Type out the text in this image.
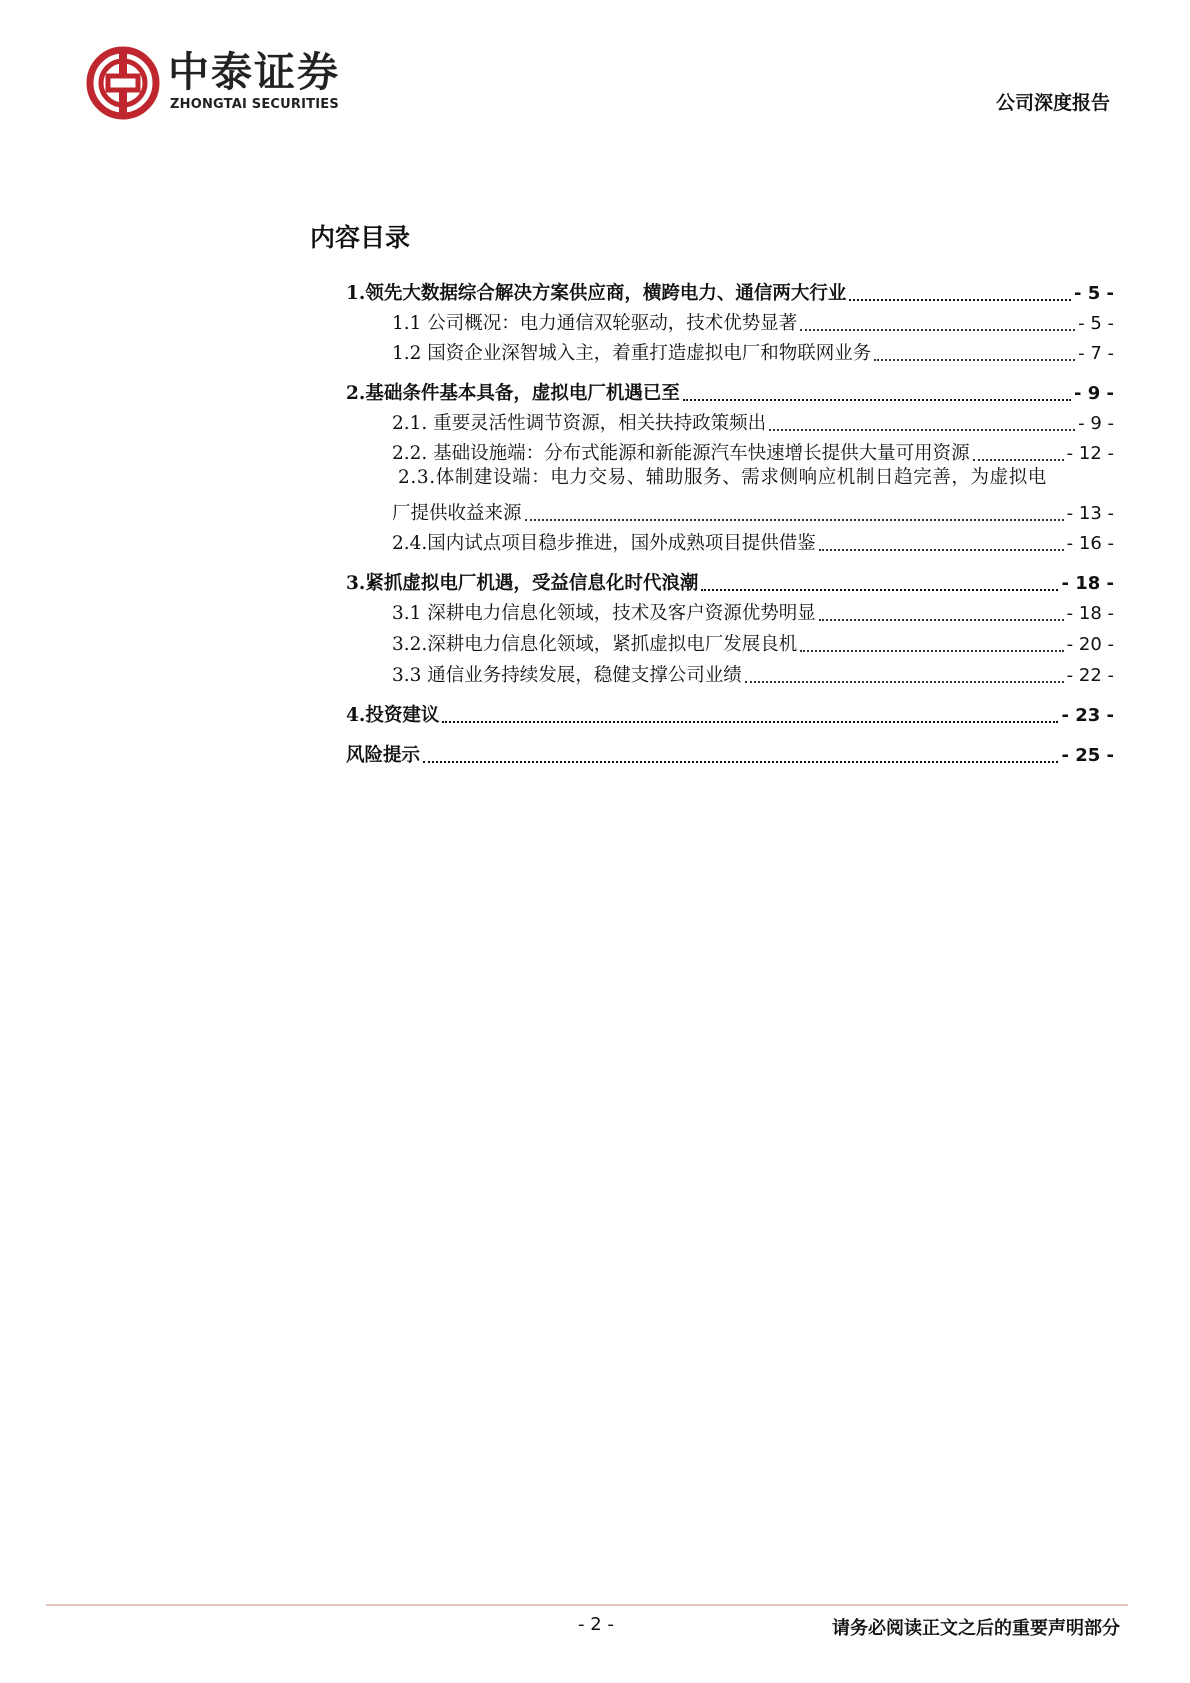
中泰证券
ZHONGTAI SECURITIES	公司深度报告
内容目录
1.领先大数据综合解决方案供应商，横跨电力、通信两大行业	- 5 -
1.1 公司概况：电力通信双轮驱动，技术优势显著	- 5 -
1.2 国资企业深智城入主，着重打造虚拟电厂和物联网业务	- 7 -
2.基础条件基本具备，虚拟电厂机遇已至	- 9 -
2.1. 重要灵活性调节资源，相关扶持政策频出	- 9 -
2.2. 基础设施端：分布式能源和新能源汽车快速增长提供大量可用资源	- 12 -
2.3.体制建设端：电力交易、辅助服务、需求侧响应机制日趋完善，为虚拟电
厂提供收益来源	- 13 -
2.4.国内试点项目稳步推进，国外成熟项目提供借鉴	- 16 -
3.紧抓虚拟电厂机遇，受益信息化时代浪潮	- 18 -
3.1 深耕电力信息化领域，技术及客户资源优势明显	- 18 -
3.2.深耕电力信息化领域，紧抓虚拟电厂发展良机	- 20 -
3.3 通信业务持续发展，稳健支撑公司业绩	- 22 -
4.投资建议	- 23 -
风险提示	- 25 -
- 2 -	请务必阅读正文之后的重要声明部分
